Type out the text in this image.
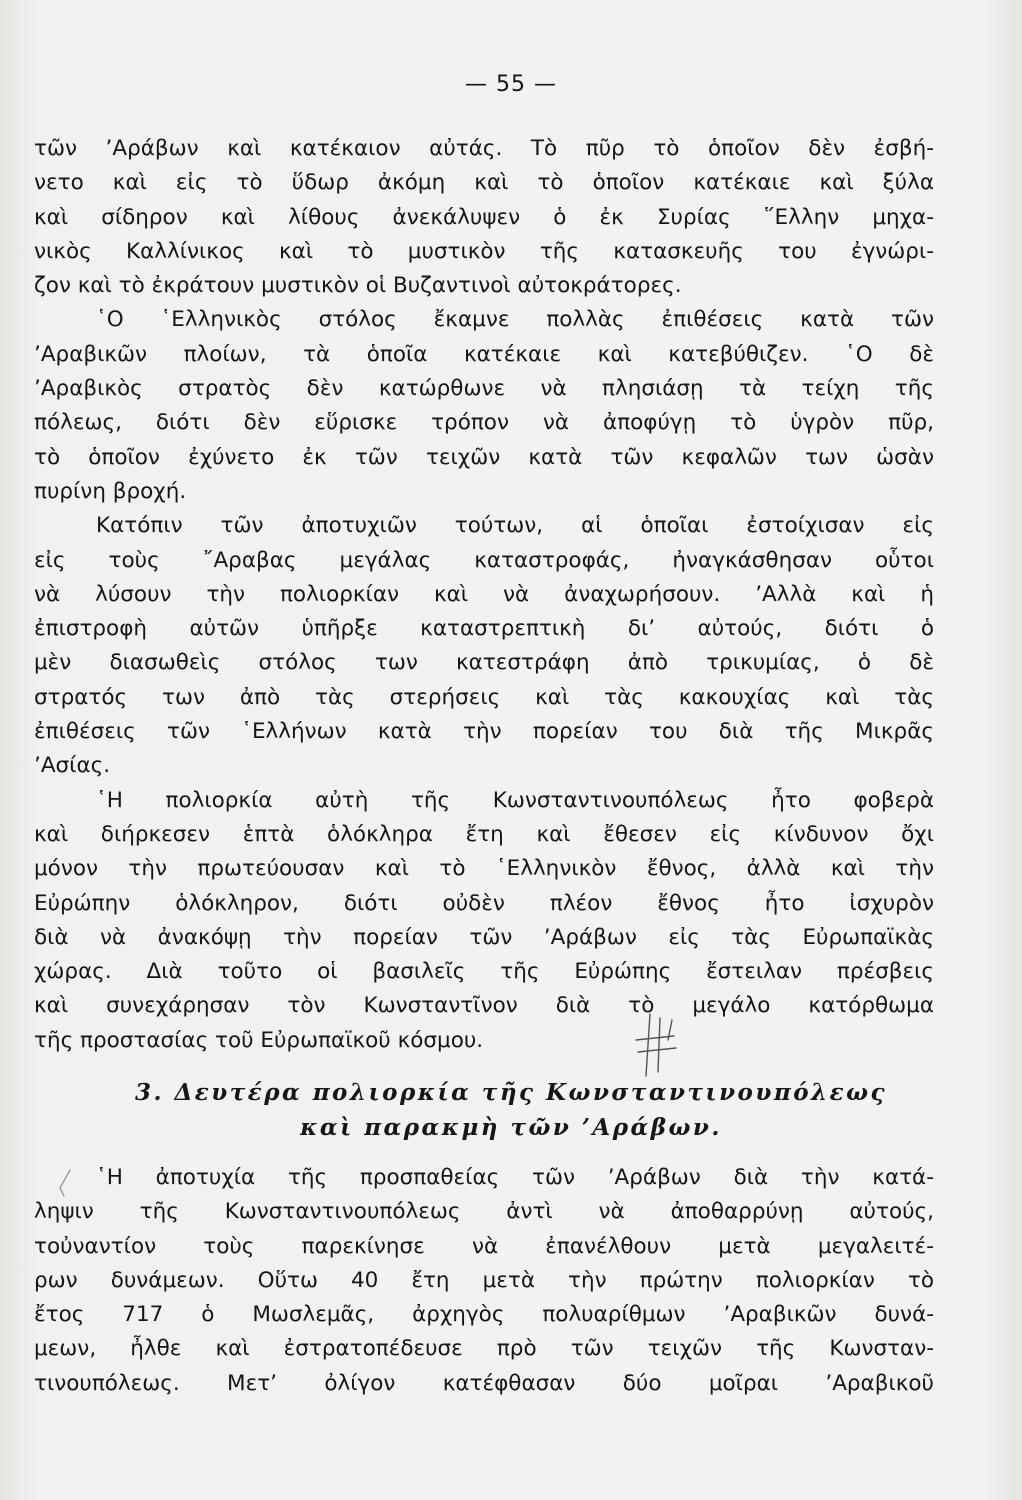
— 55 —
τῶν ’Αράβων καὶ κατέκαιον αὐτάς. Τὸ πῦρ τὸ ὁποῖον δὲν ἐσβή-
νετο καὶ εἰς τὸ ὕδωρ ἀκόμη καὶ τὸ ὁποῖον κατέκαιε καὶ ξύλα
καὶ σίδηρον καὶ λίθους ἀνεκάλυψεν ὁ ἐκ Συρίας ῞Ελλην μηχα-
νικὸς Καλλίνικος καὶ τὸ μυστικὸν τῆς κατασκευῆς του ἐγνώρι-
ζον καὶ τὸ ἐκράτουν μυστικὸν οἱ Βυζαντινοὶ αὐτοκράτορες.
῾Ο ῾Ελληνικὸς στόλος ἔκαμνε πολλὰς ἐπιθέσεις κατὰ τῶν
’Αραβικῶν πλοίων, τὰ ὁποῖα κατέκαιε καὶ κατεβύθιζεν. ῾Ο δὲ
’Αραβικὸς στρατὸς δὲν κατώρθωνε νὰ πλησιάσῃ τὰ τείχη τῆς
πόλεως, διότι δὲν εὕρισκε τρόπον νὰ ἀποφύγῃ τὸ ὑγρὸν πῦρ,
τὸ ὁποῖον ἐχύνετο ἐκ τῶν τειχῶν κατὰ τῶν κεφαλῶν των ὡσὰν
πυρίνη βροχή.
Κατόπιν τῶν ἀποτυχιῶν τούτων, αἱ ὁποῖαι ἐστοίχισαν εἰς
εἰς τοὺς ῎Αραβας μεγάλας καταστροφάς, ἠναγκάσθησαν οὗτοι
νὰ λύσουν τὴν πολιορκίαν καὶ νὰ ἀναχωρήσουν. ’Αλλὰ καὶ ἡ
ἐπιστροφὴ αὐτῶν ὑπῆρξε καταστρεπτικὴ δι’ αὐτούς, διότι ὁ
μὲν διασωθεὶς στόλος των κατεστράφη ἀπὸ τρικυμίας, ὁ δὲ
στρατός των ἀπὸ τὰς στερήσεις καὶ τὰς κακουχίας καὶ τὰς
ἐπιθέσεις τῶν ῾Ελλήνων κατὰ τὴν πορείαν του διὰ τῆς Μικρᾶς
’Ασίας.
῾Η πολιορκία αὐτὴ τῆς Κωνσταντινουπόλεως ἦτο φοβερὰ
καὶ διήρκεσεν ἑπτὰ ὁλόκληρα ἔτη καὶ ἔθεσεν εἰς κίνδυνον ὄχι
μόνον τὴν πρωτεύουσαν καὶ τὸ ῾Ελληνικὸν ἔθνος, ἀλλὰ καὶ τὴν
Εὐρώπην ὁλόκληρον, διότι οὐδὲν πλέον ἔθνος ἦτο ἰσχυρὸν
διὰ νὰ ἀνακόψῃ τὴν πορείαν τῶν ’Αράβων εἰς τὰς Εὐρωπαϊκὰς
χώρας. Διὰ τοῦτο οἱ βασιλεῖς τῆς Εὐρώπης ἔστειλαν πρέσβεις
καὶ συνεχάρησαν τὸν Κωνσταντῖνον διὰ τὸ μεγάλο κατόρθωμα
τῆς προστασίας τοῦ Εὐρωπαϊκοῦ κόσμου.
3. Δευτέρα πολιορκία τῆς Κωνσταντινουπόλεως
καὶ παρακμὴ τῶν ’Αράβων.
῾Η ἀποτυχία τῆς προσπαθείας τῶν ’Αράβων διὰ τὴν κατά-
ληψιν τῆς Κωνσταντινουπόλεως ἀντὶ νὰ ἀποθαρρύνῃ αὐτούς,
τοὐναντίον τοὺς παρεκίνησε νὰ ἐπανέλθουν μετὰ μεγαλειτέ-
ρων δυνάμεων. Οὕτω 40 ἔτη μετὰ τὴν πρώτην πολιορκίαν τὸ
ἔτος 717 ὁ Μωσλεμᾶς, ἀρχηγὸς πολυαρίθμων ’Αραβικῶν δυνά-
μεων, ἦλθε καὶ ἐστρατοπέδευσε πρὸ τῶν τειχῶν τῆς Κωνσταν-
τινουπόλεως. Μετ’ ὀλίγον κατέφθασαν δύο μοῖραι ’Αραβικοῦ
